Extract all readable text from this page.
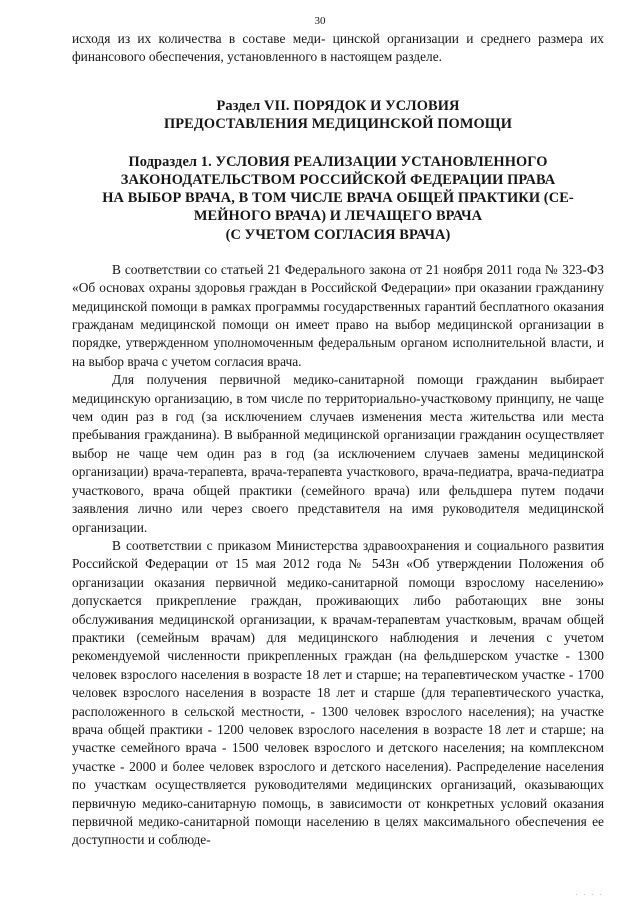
30

исходя из их количества в составе меди- цинской организации и среднего размера их финансового обеспечения, установленного в настоящем разделе.

Раздел VII. ПОРЯДОК И УСЛОВИЯ
ПРЕДОСТАВЛЕНИЯ МЕДИЦИНСКОЙ ПОМОЩИ
Подраздел 1. УСЛОВИЯ РЕАЛИЗАЦИИ УСТАНОВЛЕННОГО
ЗАКОНОДАТЕЛЬСТВОМ РОССИЙСКОЙ ФЕДЕРАЦИИ ПРАВА
НА ВЫБОР ВРАЧА, В ТОМ ЧИСЛЕ ВРАЧА ОБЩЕЙ ПРАКТИКИ (СЕ-
МЕЙНОГО ВРАЧА) И ЛЕЧАЩЕГО ВРАЧА
(С УЧЕТОМ СОГЛАСИЯ ВРАЧА)

В соответствии со статьей 21 Федерального закона от 21 ноября 2011 года № 323-ФЗ «Об основах охраны здоровья граждан в Российской Федерации» при оказании гражданину медицинской помощи в рамках программы государственных гарантий бесплатного оказания гражданам медицинской помощи он имеет право на выбор медицинской организации в порядке, утвержденном уполномоченным федеральным органом исполнительной власти, и на выбор врача с учетом согласия врача.

Для получения первичной медико-санитарной помощи гражданин выбирает медицинскую организацию, в том числе по территориально-участковому принципу, не чаще чем один раз в год (за исключением случаев изменения места жительства или места пребывания гражданина). В выбранной медицинской организации гражданин осуществляет выбор не чаще чем один раз в год (за исключением случаев замены медицинской организации) врача-терапевта, врача-терапевта участкового, врача-педиатра, врача-педиатра участкового, врача общей практики (семейного врача) или фельдшера путем подачи заявления лично или через своего представителя на имя руководителя медицинской организации.

В соответствии с приказом Министерства здравоохранения и социального развития Российской Федерации от 15 мая 2012 года № 543н «Об утверждении Положения об организации оказания первичной медико-санитарной помощи взрослому населению» допускается прикрепление граждан, проживающих либо работающих вне зоны обслуживания медицинской организации, к врачам-терапевтам участковым, врачам общей практики (семейным врачам) для медицинского наблюдения и лечения с учетом рекомендуемой численности прикрепленных граждан (на фельдшерском участке - 1300 человек взрослого населения в возрасте 18 лет и старше; на терапевтическом участке - 1700 человек взрослого населения в возрасте 18 лет и старше (для терапевтического участка, расположенного в сельской местности, - 1300 человек взрослого населения); на участке врача общей практики - 1200 человек взрослого населения в возрасте 18 лет и старше; на участке семейного врача - 1500 человек взрослого и детского населения; на комплексном участке - 2000 и более человек взрослого и детского населения). Распределение населения по участкам осуществляется руководителями медицинских организаций, оказывающих первичную медико-санитарную помощь, в зависимости от конкретных условий оказания первичной медико-санитарной помощи населению в целях максимального обеспечения ее доступности и соблюде-

· · · ·
